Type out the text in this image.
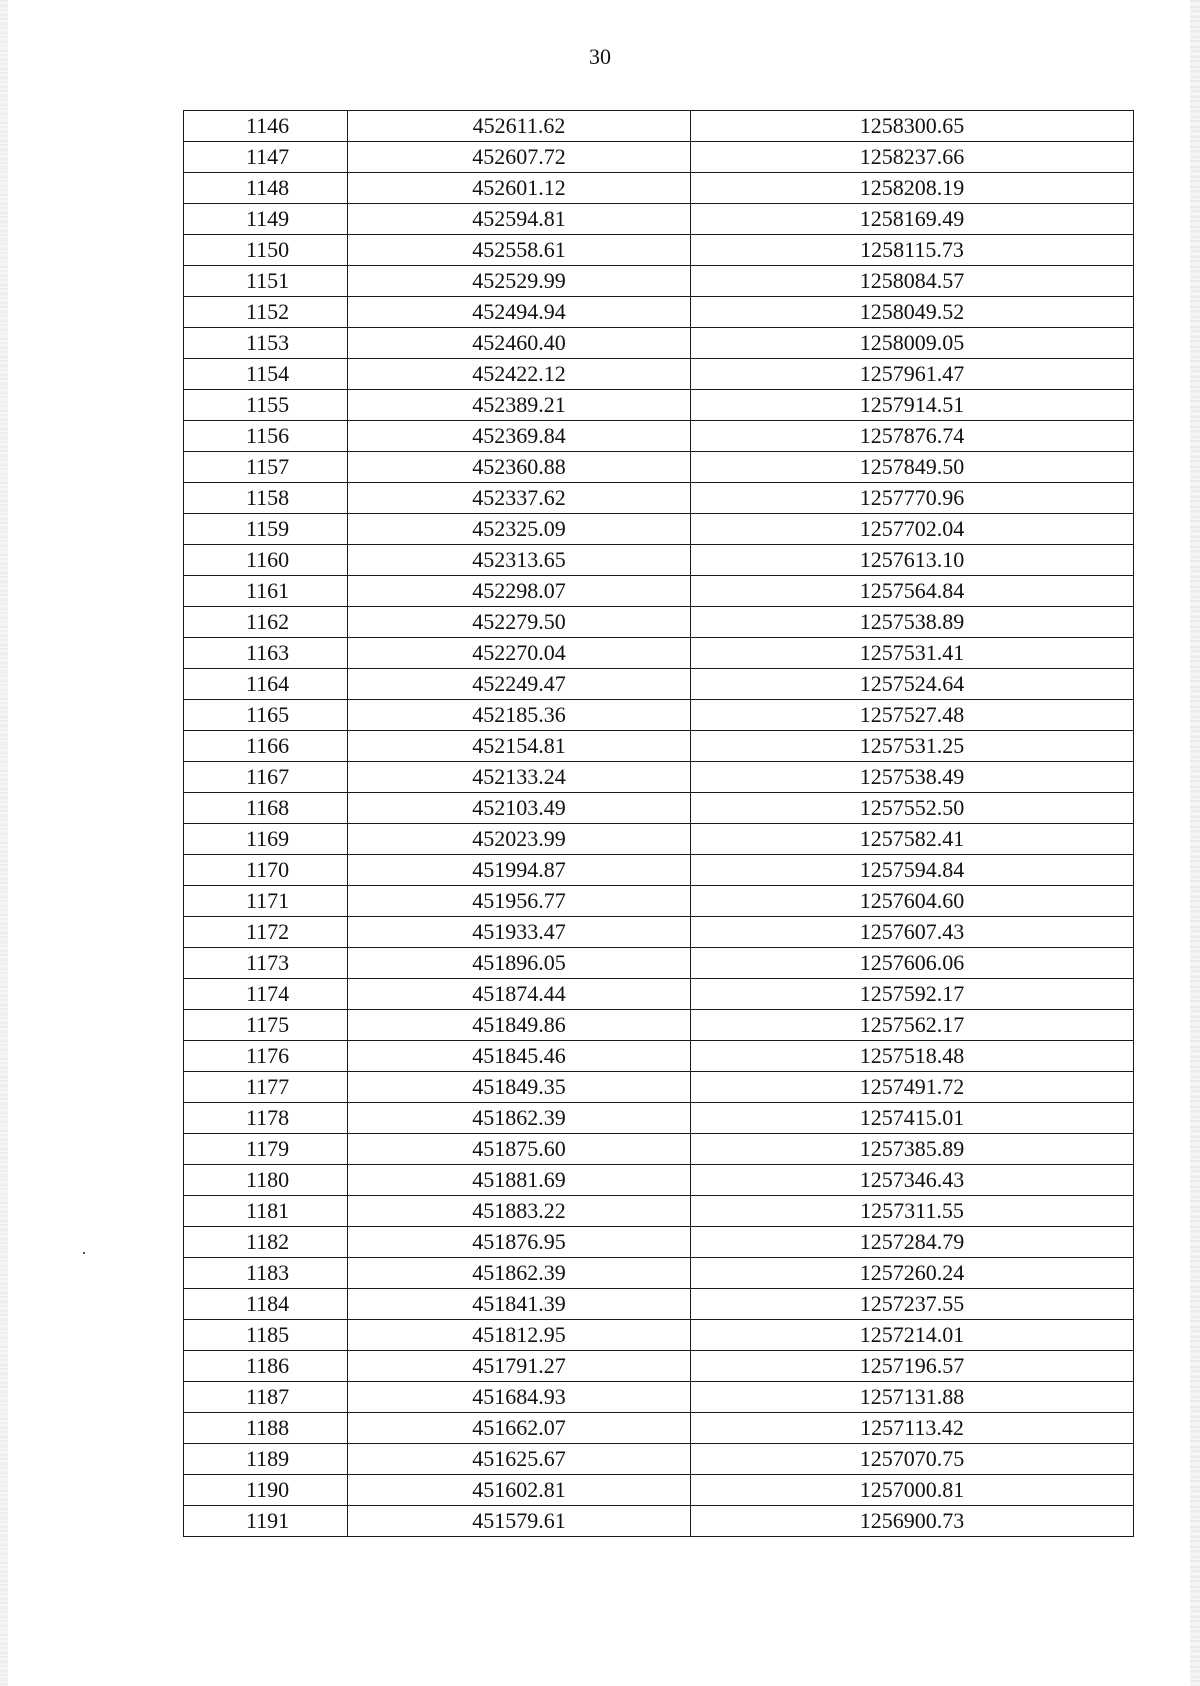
30
1146	452611.62	1258300.65
1147	452607.72	1258237.66
1148	452601.12	1258208.19
1149	452594.81	1258169.49
1150	452558.61	1258115.73
1151	452529.99	1258084.57
1152	452494.94	1258049.52
1153	452460.40	1258009.05
1154	452422.12	1257961.47
1155	452389.21	1257914.51
1156	452369.84	1257876.74
1157	452360.88	1257849.50
1158	452337.62	1257770.96
1159	452325.09	1257702.04
1160	452313.65	1257613.10
1161	452298.07	1257564.84
1162	452279.50	1257538.89
1163	452270.04	1257531.41
1164	452249.47	1257524.64
1165	452185.36	1257527.48
1166	452154.81	1257531.25
1167	452133.24	1257538.49
1168	452103.49	1257552.50
1169	452023.99	1257582.41
1170	451994.87	1257594.84
1171	451956.77	1257604.60
1172	451933.47	1257607.43
1173	451896.05	1257606.06
1174	451874.44	1257592.17
1175	451849.86	1257562.17
1176	451845.46	1257518.48
1177	451849.35	1257491.72
1178	451862.39	1257415.01
1179	451875.60	1257385.89
1180	451881.69	1257346.43
1181	451883.22	1257311.55
1182	451876.95	1257284.79
1183	451862.39	1257260.24
1184	451841.39	1257237.55
1185	451812.95	1257214.01
1186	451791.27	1257196.57
1187	451684.93	1257131.88
1188	451662.07	1257113.42
1189	451625.67	1257070.75
1190	451602.81	1257000.81
1191	451579.61	1256900.73
